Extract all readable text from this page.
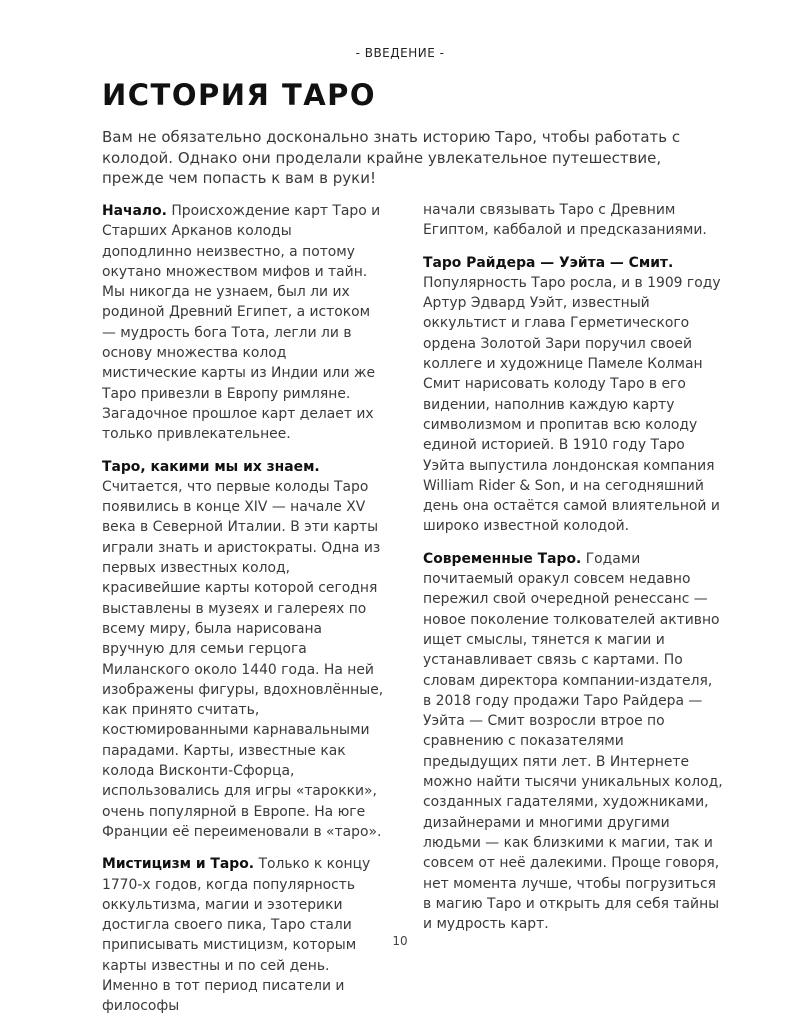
- ВВЕДЕНИЕ -
ИСТОРИЯ ТАРО

Вам не обязательно досконально знать историю Таро, чтобы работать с колодой. Однако они проделали крайне увлекательное путешествие, прежде чем попасть к вам в руки!

Начало. Происхождение карт Таро и Старших Арканов колоды доподлинно неизвестно, а потому окутано множеством мифов и тайн. Мы никогда не узнаем, был ли их родиной Древний Египет, а истоком — мудрость бога Тота, легли ли в основу множества колод мистические карты из Индии или же Таро привезли в Европу римляне. Загадочное прошлое карт делает их только привлекательнее.

Таро, какими мы их знаем. Считается, что первые колоды Таро появились в конце XIV — начале XV века в Северной Италии. В эти карты играли знать и аристократы. Одна из первых известных колод, красивейшие карты которой сегодня выставлены в музеях и галереях по всему миру, была нарисована вручную для семьи герцога Миланского около 1440 года. На ней изображены фигуры, вдохновлённые, как принято считать, костюмированными карнавальными парадами. Карты, известные как колода Висконти-Сфорца, использовались для игры «тарокки», очень популярной в Европе. На юге Франции её переименовали в «таро».

Мистицизм и Таро. Только к концу 1770-х годов, когда популярность оккультизма, магии и эзотерики достигла своего пика, Таро стали приписывать мистицизм, которым карты известны и по сей день. Именно в тот период писатели и философы

начали связывать Таро с Древним Египтом, каббалой и предсказаниями.

Таро Райдера — Уэйта — Смит. Популярность Таро росла, и в 1909 году Артур Эдвард Уэйт, известный оккультист и глава Герметического ордена Золотой Зари поручил своей коллеге и художнице Памеле Колман Смит нарисовать колоду Таро в его видении, наполнив каждую карту символизмом и пропитав всю колоду единой историей. В 1910 году Таро Уэйта выпустила лондонская компания William Rider & Son, и на сегодняшний день она остаётся самой влиятельной и широко известной колодой.

Современные Таро. Годами почитаемый оракул совсем недавно пережил свой очередной ренессанс — новое поколение толкователей активно ищет смыслы, тянется к магии и устанавливает связь с картами. По словам директора компании-издателя, в 2018 году продажи Таро Райдера — Уэйта — Смит возросли втрое по сравнению с показателями предыдущих пяти лет. В Интернете можно найти тысячи уникальных колод, созданных гадателями, художниками, дизайнерами и многими другими людьми — как близкими к магии, так и совсем от неё далекими. Проще говоря, нет момента лучше, чтобы погрузиться в магию Таро и открыть для себя тайны и мудрость карт.

10
